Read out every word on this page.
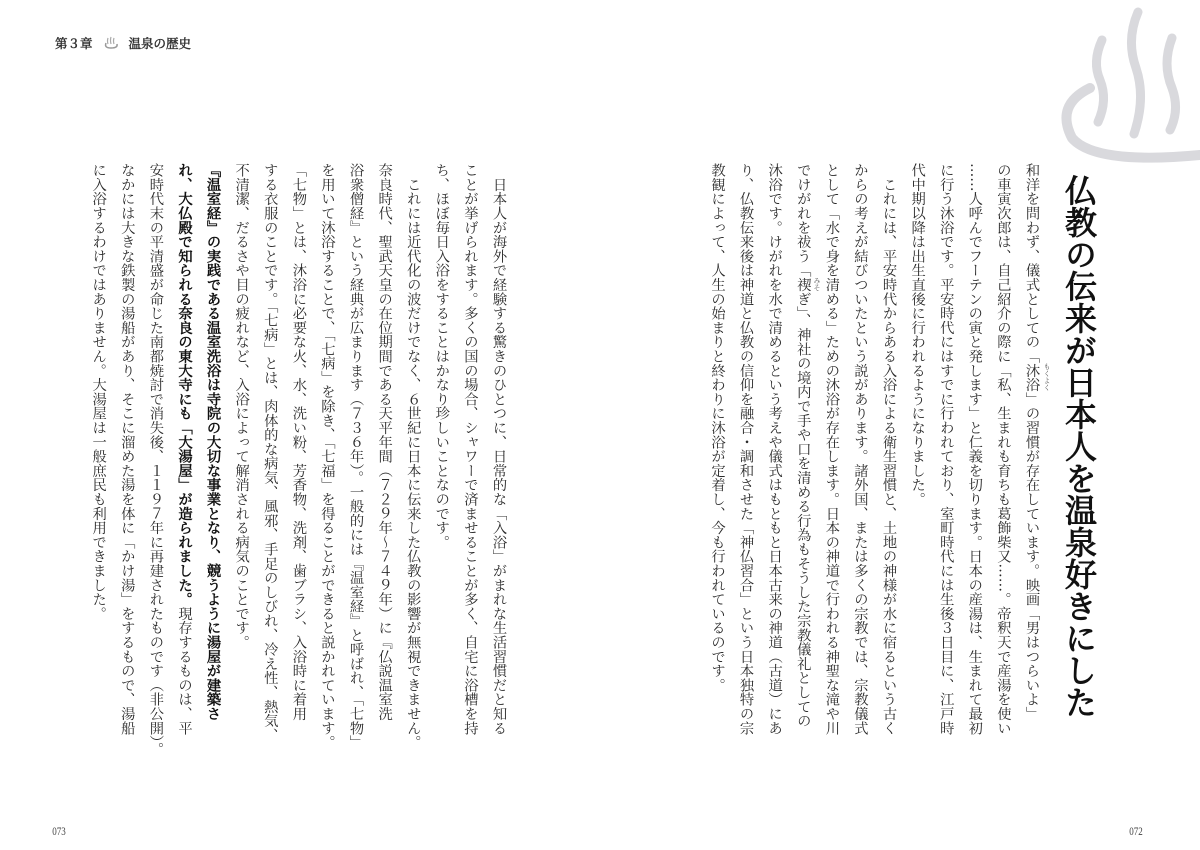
第３章	温泉の歴史
仏教の伝来が日本人を温泉好きにした
和洋を問わず、儀式としての「沐浴」の習慣が存在しています。映画「男はつらいよ」
の車寅次郎は、自己紹介の際に「私、生まれも育ちも葛飾柴又……。帝釈天で産湯を使い
……人呼んでフーテンの寅と発します」と仁義を切ります。日本の産湯は、生まれて最初
に行う沐浴です。平安時代にはすでに行われており、室町時代には生後３日目に、江戸時
代中期以降は出生直後に行われるようになりました。
　これには、平安時代からある入浴による衛生習慣と、土地の神様が水に宿るという古く
からの考えが結びついたという説があります。諸外国、または多くの宗教では、宗教儀式
として「水で身を清める」ための沐浴が存在します。日本の神道で行われる神聖な滝や川
でけがれを祓う「禊ぎ」、神社の境内で手や口を清める行為もそうした宗教儀礼としての
沐浴です。けがれを水で清めるという考えや儀式はもともと日本古来の神道（古道）にあ
り、仏教伝来後は神道と仏教の信仰を融合・調和させた「神仏習合」という日本独特の宗
教観によって、人生の始まりと終わりに沐浴が定着し、今も行われているのです。	もくよく
みそ
　日本人が海外で経験する驚きのひとつに、日常的な「入浴」がまれな生活習慣だと知る
ことが挙げられます。多くの国の場合、シャワーで済ませることが多く、自宅に浴槽を持
ち、ほぼ毎日入浴をすることはかなり珍しいことなのです。
　これには近代化の波だけでなく、６世紀に日本に伝来した仏教の影響が無視できません。
奈良時代、聖武天皇の在位期間である天平年間（７２９年〜７４９年）に『仏説温室洗
浴衆僧経』という経典が広まります（７３６年）。一般的には『温室経』と呼ばれ、「七物」
を用いて沐浴することで、「七病」を除き、「七福」を得ることができると説かれています。
「七物」とは、沐浴に必要な火、水、洗い粉、芳香物、洗剤、歯ブラシ、入浴時に着用
する衣服のことです。「七病」とは、肉体的な病気、風邪、手足のしびれ、冷え性、熱気、
不清潔、だるさや目の疲れなど、入浴によって解消される病気のことです。
『温室経』の実践である温室洗浴は寺院の大切な事業となり、競うように湯屋が建築さ
れ、大仏殿で知られる奈良の東大寺にも「大湯屋」が造られました。現存するものは、平
安時代末の平清盛が命じた南都焼討で消失後、１１９７年に再建されたものです（非公開）。
なかには大きな鉄製の湯船があり、そこに溜めた湯を体に「かけ湯」をするもので、湯船
に入浴するわけではありません。大湯屋は一般庶民も利用できました。
073	072
